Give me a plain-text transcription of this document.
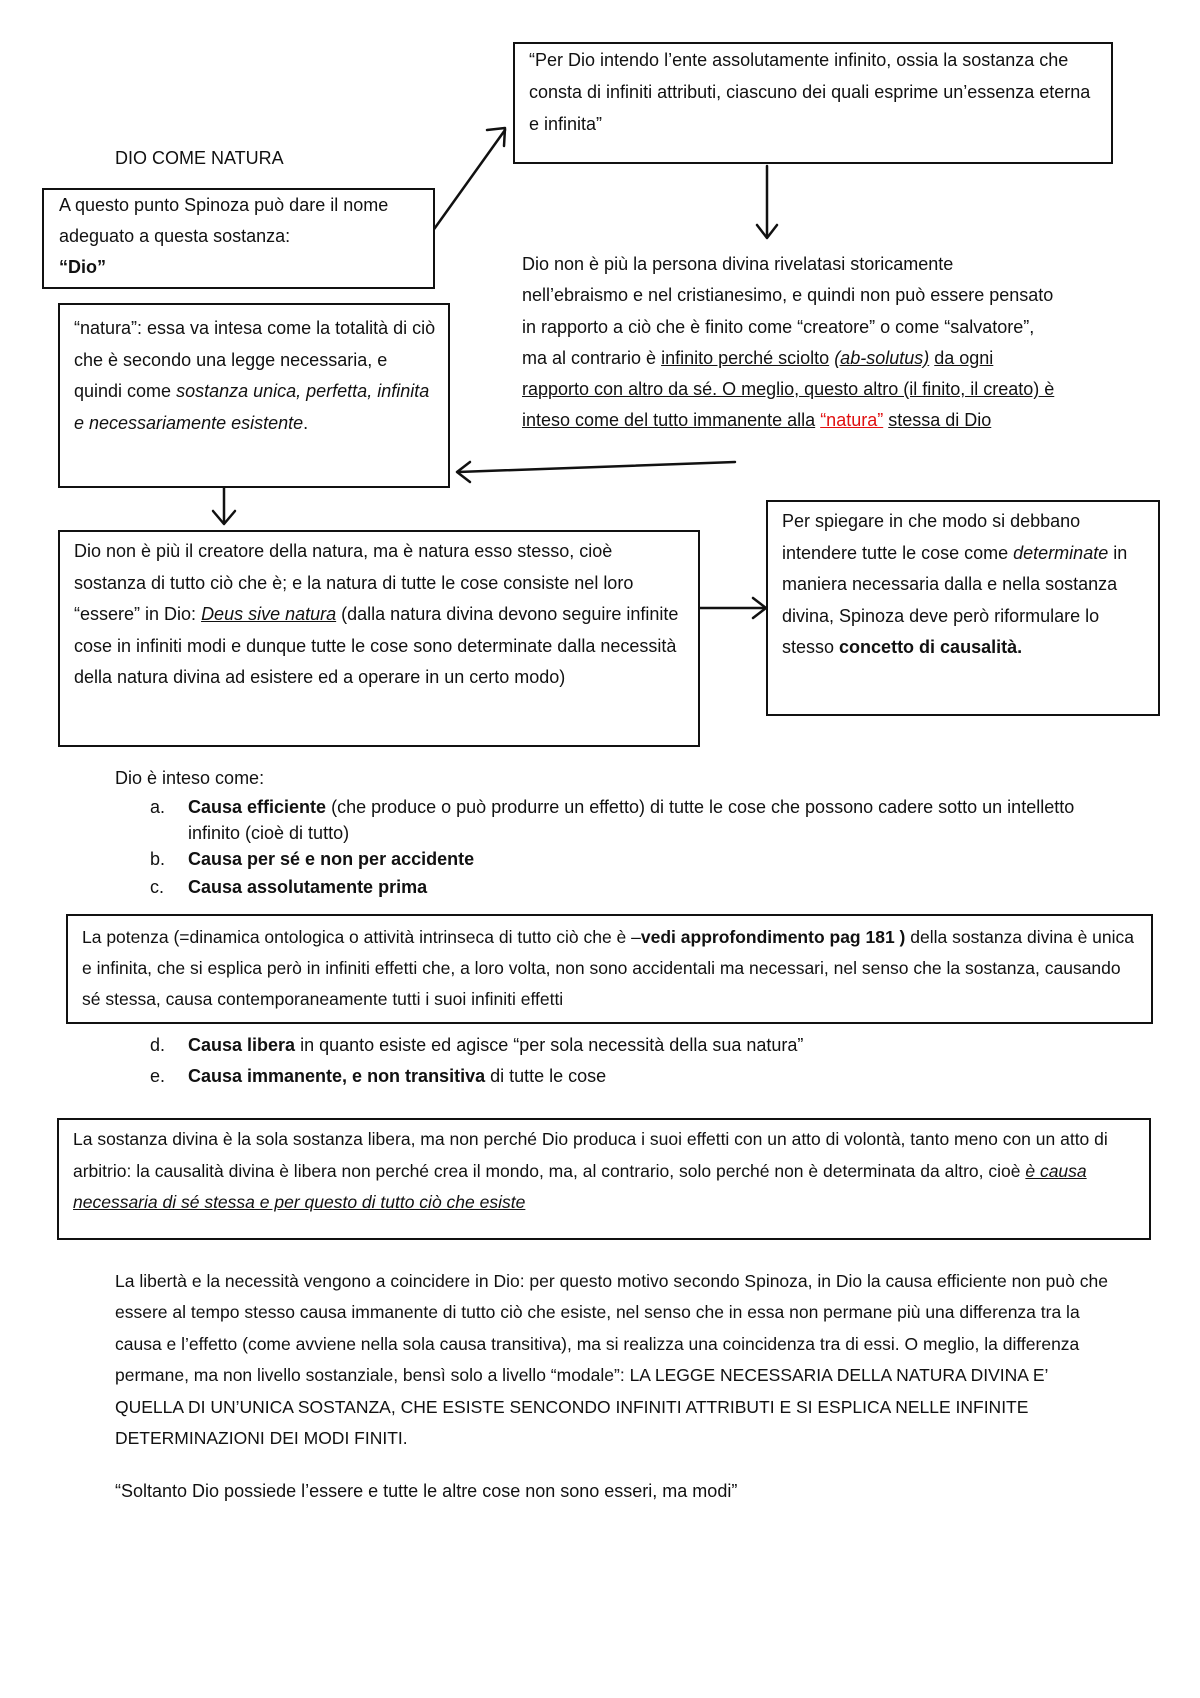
DIO COME NATURA
“Per Dio intendo l’ente assolutamente infinito, ossia la sostanza che consta di infiniti attributi, ciascuno dei quali esprime un’essenza eterna e infinita”
A questo punto Spinoza può dare il nome adeguato a questa sostanza:
“Dio”
“natura”: essa va intesa come la totalità di ciò che è secondo una legge necessaria, e quindi come sostanza unica, perfetta, infinita e necessariamente esistente.
Dio non è più la persona divina rivelatasi storicamente nell’ebraismo e nel cristianesimo, e quindi non può essere pensato in rapporto a ciò che è finito come “creatore” o come “salvatore”, ma al contrario è infinito perché sciolto (ab-solutus) da ogni rapporto con altro da sé. O meglio, questo altro (il finito, il creato) è inteso come del tutto immanente alla “natura” stessa di Dio
Dio non è più il creatore della natura, ma è natura esso stesso, cioè sostanza di tutto ciò che è; e la natura di tutte le cose consiste nel loro “essere” in Dio: Deus sive natura (dalla natura divina devono seguire infinite cose in infiniti modi e dunque tutte le cose sono determinate dalla necessità della natura divina ad esistere ed a operare in un certo modo)
Per spiegare in che modo si debbano intendere tutte le cose come determinate in maniera necessaria dalla e nella sostanza divina, Spinoza deve però riformulare lo stesso concetto di causalità.
Dio è inteso come:
a.	Causa efficiente (che produce o può produrre un effetto) di tutte le cose che possono cadere sotto un intelletto infinito (cioè di tutto)
b.	Causa per sé e non per accidente
c.	Causa assolutamente prima
La potenza (=dinamica ontologica o attività intrinseca di tutto ciò che è –vedi approfondimento pag 181 ) della sostanza divina è unica e infinita, che si esplica però in infiniti effetti che, a loro volta, non sono accidentali ma necessari, nel senso che la sostanza, causando sé stessa, causa contemporaneamente tutti i suoi infiniti effetti
d.	Causa libera in quanto esiste ed agisce “per sola necessità della sua natura”
e.	Causa immanente, e non transitiva di tutte le cose
La sostanza divina è la sola sostanza libera, ma non perché Dio produca i suoi effetti con un atto di volontà, tanto meno con un atto di arbitrio: la causalità divina è libera non perché crea il mondo, ma, al contrario, solo perché non è determinata da altro, cioè è causa necessaria di sé stessa e per questo di tutto ciò che esiste
La libertà e la necessità vengono a coincidere in Dio: per questo motivo secondo Spinoza, in Dio la causa efficiente non può che essere al tempo stesso causa immanente di tutto ciò che esiste, nel senso che in essa non permane più una differenza tra la causa e l’effetto (come avviene nella sola causa transitiva), ma si realizza una coincidenza tra di essi. O meglio, la differenza permane, ma non livello sostanziale, bensì solo a livello “modale”: LA LEGGE NECESSARIA DELLA NATURA DIVINA E’ QUELLA DI UN’UNICA SOSTANZA, CHE ESISTE SENCONDO INFINITI ATTRIBUTI E SI ESPLICA NELLE INFINITE DETERMINAZIONI DEI MODI FINITI.
“Soltanto Dio possiede l’essere e tutte le altre cose non sono esseri, ma modi”
